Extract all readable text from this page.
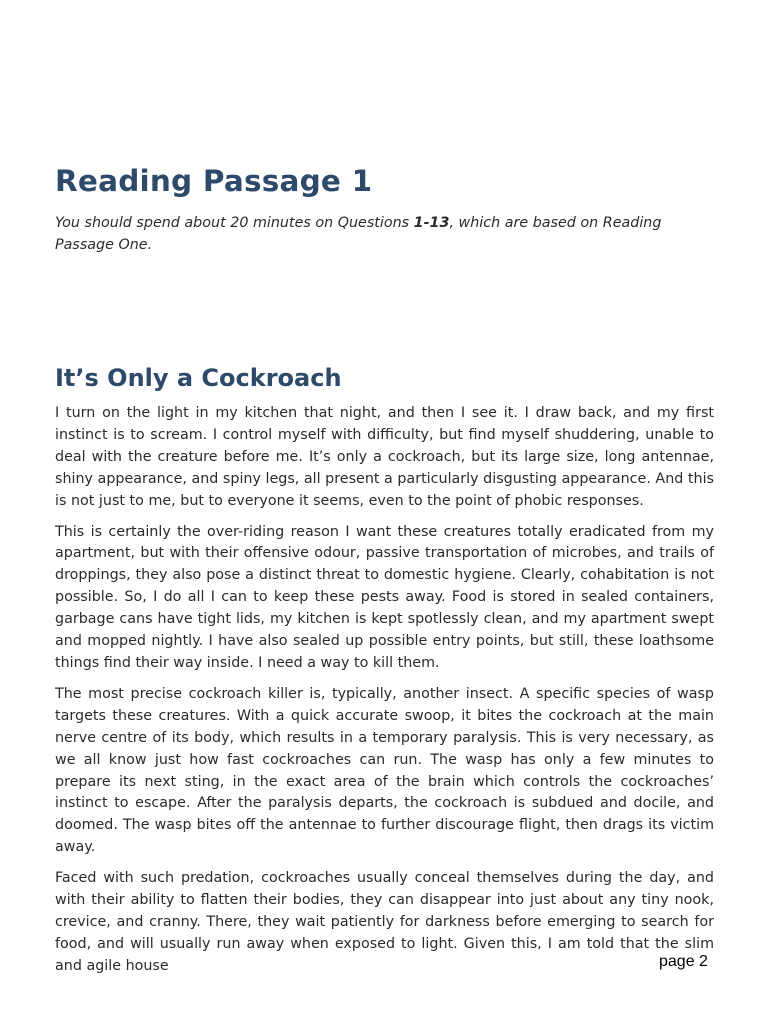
Reading Passage 1

You should spend about 20 minutes on Questions 1-13, which are based on Reading Passage One.

It’s Only a Cockroach

I turn on the light in my kitchen that night, and then I see it. I draw back, and my first instinct is to scream. I control myself with difficulty, but find myself shuddering, unable to deal with the creature before me. It’s only a cockroach, but its large size, long antennae, shiny appearance, and spiny legs, all present a particularly disgusting appearance. And this is not just to me, but to everyone it seems, even to the point of phobic responses.

This is certainly the over-riding reason I want these creatures totally eradicated from my apartment, but with their offensive odour, passive transportation of microbes, and trails of droppings, they also pose a distinct threat to domestic hygiene. Clearly, cohabitation is not possible. So, I do all I can to keep these pests away. Food is stored in sealed containers, garbage cans have tight lids, my kitchen is kept spotlessly clean, and my apartment swept and mopped nightly. I have also sealed up possible entry points, but still, these loathsome things find their way inside. I need a way to kill them.

The most precise cockroach killer is, typically, another insect. A specific species of wasp targets these creatures. With a quick accurate swoop, it bites the cockroach at the main nerve centre of its body, which results in a temporary paralysis. This is very necessary, as we all know just how fast cockroaches can run. The wasp has only a few minutes to prepare its next sting, in the exact area of the brain which controls the cockroaches’ instinct to escape. After the paralysis departs, the cockroach is subdued and docile, and doomed. The wasp bites off the antennae to further discourage flight, then drags its victim away.

Faced with such predation, cockroaches usually conceal themselves during the day, and with their ability to flatten their bodies, they can disappear into just about any tiny nook, crevice, and cranny. There, they wait patiently for darkness before emerging to search for food, and will usually run away when exposed to light. Given this, I am told that the slim and agile house	page 2
